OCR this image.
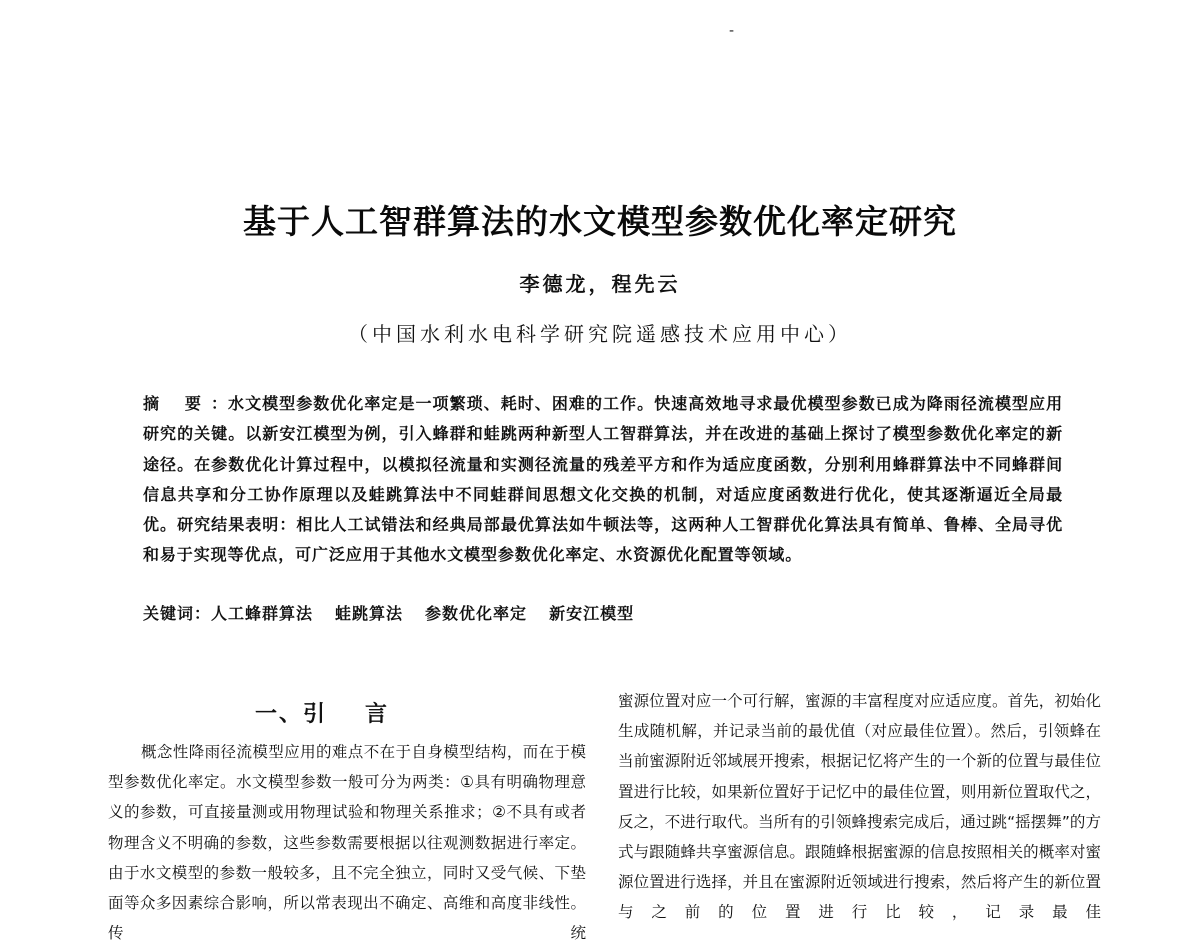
-
基于人工智群算法的水文模型参数优化率定研究
李德龙，程先云
（中国水利水电科学研究院遥感技术应用中心）
摘 要：水文模型参数优化率定是一项繁琐、耗时、困难的工作。快速高效地寻求最优模型参数已成为降雨径流模型应用研究的关键。以新安江模型为例，引入蜂群和蛙跳两种新型人工智群算法，并在改进的基础上探讨了模型参数优化率定的新途径。在参数优化计算过程中，以模拟径流量和实测径流量的残差平方和作为适应度函数，分别利用蜂群算法中不同蜂群间信息共享和分工协作原理以及蛙跳算法中不同蛙群间思想文化交换的机制，对适应度函数进行优化，使其逐渐逼近全局最优。研究结果表明：相比人工试错法和经典局部最优算法如牛顿法等，这两种人工智群优化算法具有简单、鲁棒、全局寻优和易于实现等优点，可广泛应用于其他水文模型参数优化率定、水资源优化配置等领域。
关键词：人工蜂群算法 蛙跳算法 参数优化率定 新安江模型
一、引言
概念性降雨径流模型应用的难点不在于自身模型结构，而在于模型参数优化率定。水文模型参数一般可分为两类：①具有明确物理意义的参数，可直接量测或用物理试验和物理关系推求；②不具有或者物理含义不明确的参数，这些参数需要根据以往观测数据进行率定。由于水文模型的参数一般较多，且不完全独立，同时又受气候、下垫面等众多因素综合影响，所以常表现出不确定、高维和高度非线性。传统
蜜源位置对应一个可行解，蜜源的丰富程度对应适应度。首先，初始化生成随机解，并记录当前的最优值（对应最佳位置）。然后，引领蜂在当前蜜源附近邻域展开搜索，根据记忆将产生的一个新的位置与最佳位置进行比较，如果新位置好于记忆中的最佳位置，则用新位置取代之，反之，不进行取代。当所有的引领蜂搜索完成后，通过跳“摇摆舞”的方式与跟随蜂共享蜜源信息。跟随蜂根据蜜源的信息按照相关的概率对蜜源位置进行选择，并且在蜜源附近领域进行搜索，然后将产生的新位置与之前的位置进行比较，记录最佳
